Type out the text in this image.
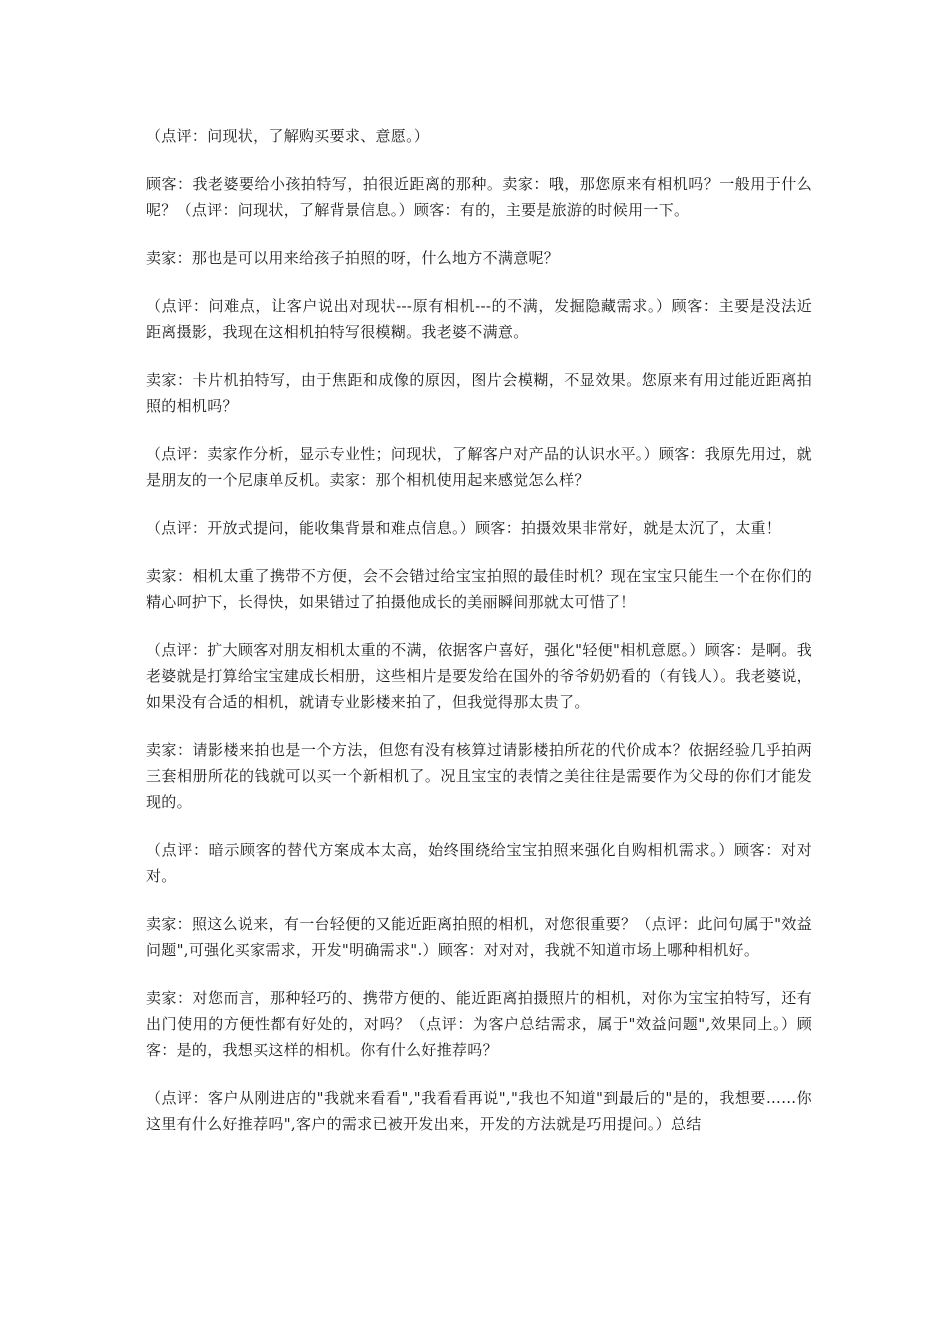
（点评：问现状，了解购买要求、意愿。）

顾客：我老婆要给小孩拍特写，拍很近距离的那种。卖家：哦，那您原来有相机吗？一般用于什么呢？（点评：问现状，了解背景信息。）顾客：有的，主要是旅游的时候用一下。

卖家：那也是可以用来给孩子拍照的呀，什么地方不满意呢？

（点评：问难点，让客户说出对现状---原有相机---的不满，发掘隐藏需求。）顾客：主要是没法近距离摄影，我现在这相机拍特写很模糊。我老婆不满意。

卖家：卡片机拍特写，由于焦距和成像的原因，图片会模糊，不显效果。您原来有用过能近距离拍照的相机吗？

（点评：卖家作分析，显示专业性；问现状，了解客户对产品的认识水平。）顾客：我原先用过，就是朋友的一个尼康单反机。卖家：那个相机使用起来感觉怎么样？

（点评：开放式提问，能收集背景和难点信息。）顾客：拍摄效果非常好，就是太沉了，太重！

卖家：相机太重了携带不方便，会不会错过给宝宝拍照的最佳时机？现在宝宝只能生一个在你们的精心呵护下，长得快，如果错过了拍摄他成长的美丽瞬间那就太可惜了！

（点评：扩大顾客对朋友相机太重的不满，依据客户喜好，强化"轻便"相机意愿。）顾客：是啊。我老婆就是打算给宝宝建成长相册，这些相片是要发给在国外的爷爷奶奶看的（有钱人）。我老婆说，如果没有合适的相机，就请专业影楼来拍了，但我觉得那太贵了。

卖家：请影楼来拍也是一个方法，但您有没有核算过请影楼拍所花的代价成本？依据经验几乎拍两三套相册所花的钱就可以买一个新相机了。况且宝宝的表情之美往往是需要作为父母的你们才能发现的。

（点评：暗示顾客的替代方案成本太高，始终围绕给宝宝拍照来强化自购相机需求。）顾客：对对对。

卖家：照这么说来，有一台轻便的又能近距离拍照的相机，对您很重要？（点评：此问句属于"效益问题",可强化买家需求，开发"明确需求".）顾客：对对对，我就不知道市场上哪种相机好。

卖家：对您而言，那种轻巧的、携带方便的、能近距离拍摄照片的相机，对你为宝宝拍特写，还有出门使用的方便性都有好处的，对吗？（点评：为客户总结需求，属于"效益问题",效果同上。）顾客：是的，我想买这样的相机。你有什么好推荐吗？

（点评：客户从刚进店的"我就来看看","我看看再说","我也不知道"到最后的"是的，我想要……你这里有什么好推荐吗",客户的需求已被开发出来，开发的方法就是巧用提问。）总结
